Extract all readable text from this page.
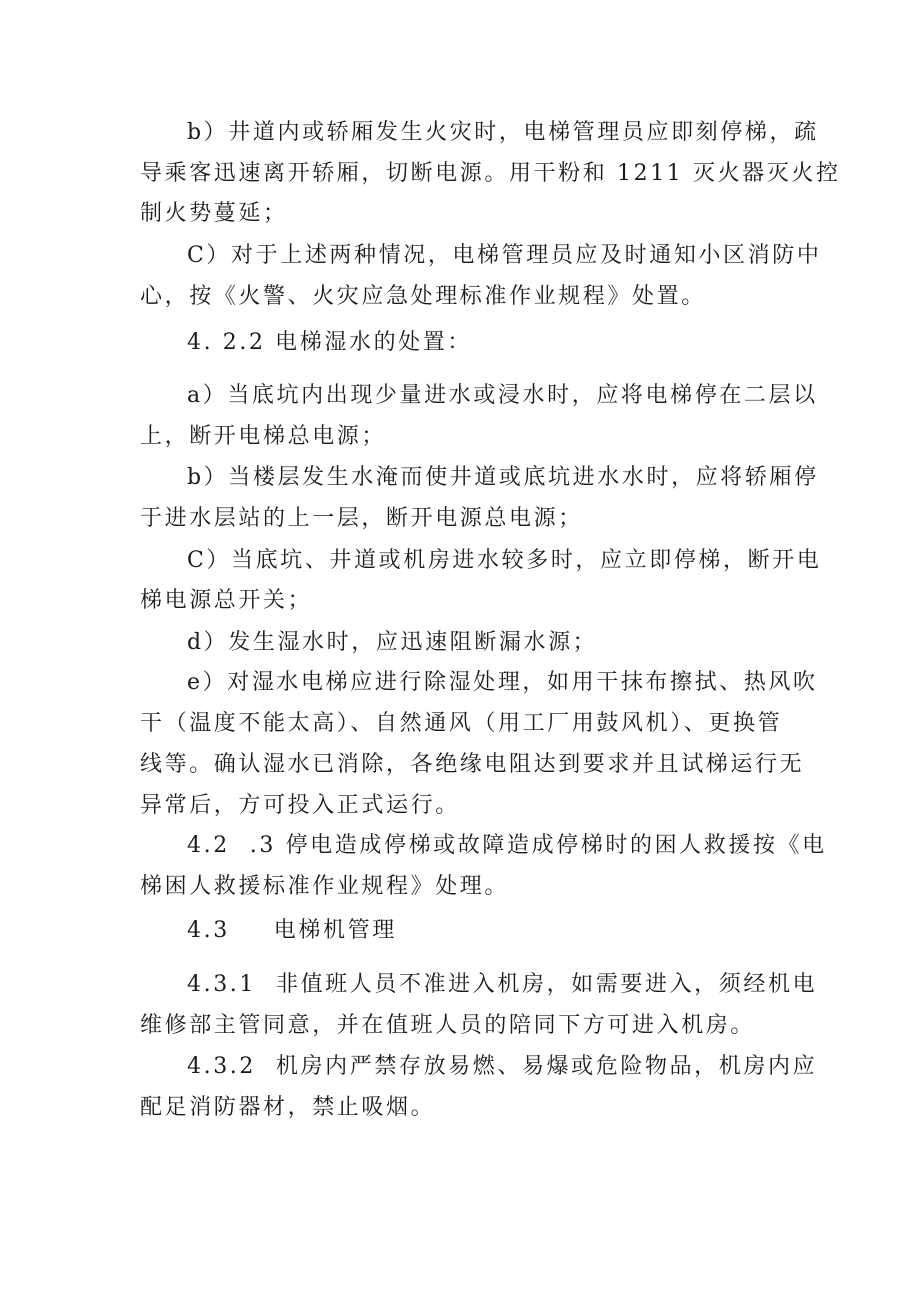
b）井道内或轿厢发生火灾时，电梯管理员应即刻停梯，疏
导乘客迅速离开轿厢，切断电源。用干粉和 1211 灭火器灭火控
制火势蔓延；
C）对于上述两种情况，电梯管理员应及时通知小区消防中
心，按《火警、火灾应急处理标准作业规程》处置。
4. 2.2 电梯湿水的处置：
a）当底坑内出现少量进水或浸水时，应将电梯停在二层以
上，断开电梯总电源；
b）当楼层发生水淹而使井道或底坑进水水时，应将轿厢停
于进水层站的上一层，断开电源总电源；
C）当底坑、井道或机房进水较多时，应立即停梯，断开电
梯电源总开关；
d）发生湿水时，应迅速阻断漏水源；
e）对湿水电梯应进行除湿处理，如用干抹布擦拭、热风吹
干（温度不能太高）、自然通风（用工厂用鼓风机）、更换管
线等。确认湿水已消除，各绝缘电阻达到要求并且试梯运行无
异常后，方可投入正式运行。
4.2 .3 停电造成停梯或故障造成停梯时的困人救援按《电
梯困人救援标准作业规程》处理。
4.3 电梯机管理
4.3.1 非值班人员不准进入机房，如需要进入，须经机电
维修部主管同意，并在值班人员的陪同下方可进入机房。
4.3.2 机房内严禁存放易燃、易爆或危险物品，机房内应
配足消防器材，禁止吸烟。
